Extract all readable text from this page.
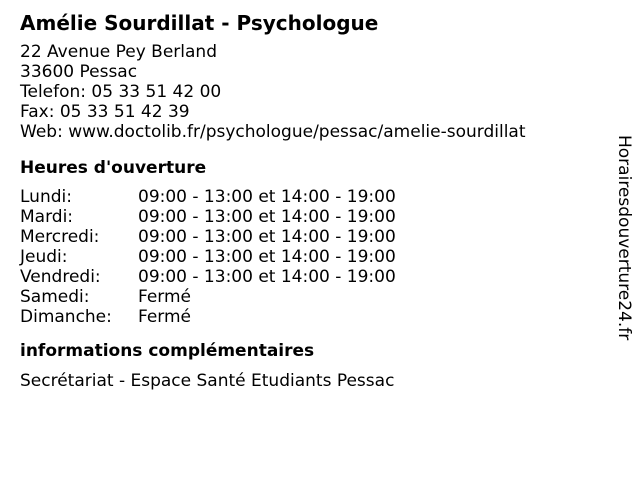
Amélie Sourdillat - Psychologue
22 Avenue Pey Berland
33600 Pessac
Telefon: 05 33 51 42 00
Fax: 05 33 51 42 39
Web: www.doctolib.fr/psychologue/pessac/amelie-sourdillat
Heures d'ouverture
Lundi:	09:00 - 13:00 et 14:00 - 19:00
Mardi:	09:00 - 13:00 et 14:00 - 19:00
Mercredi:	09:00 - 13:00 et 14:00 - 19:00
Jeudi:	09:00 - 13:00 et 14:00 - 19:00
Vendredi:	09:00 - 13:00 et 14:00 - 19:00
Samedi:	Fermé
Dimanche:	Fermé
informations complémentaires
Secrétariat - Espace Santé Etudiants Pessac
Horairesdouverture24.fr
